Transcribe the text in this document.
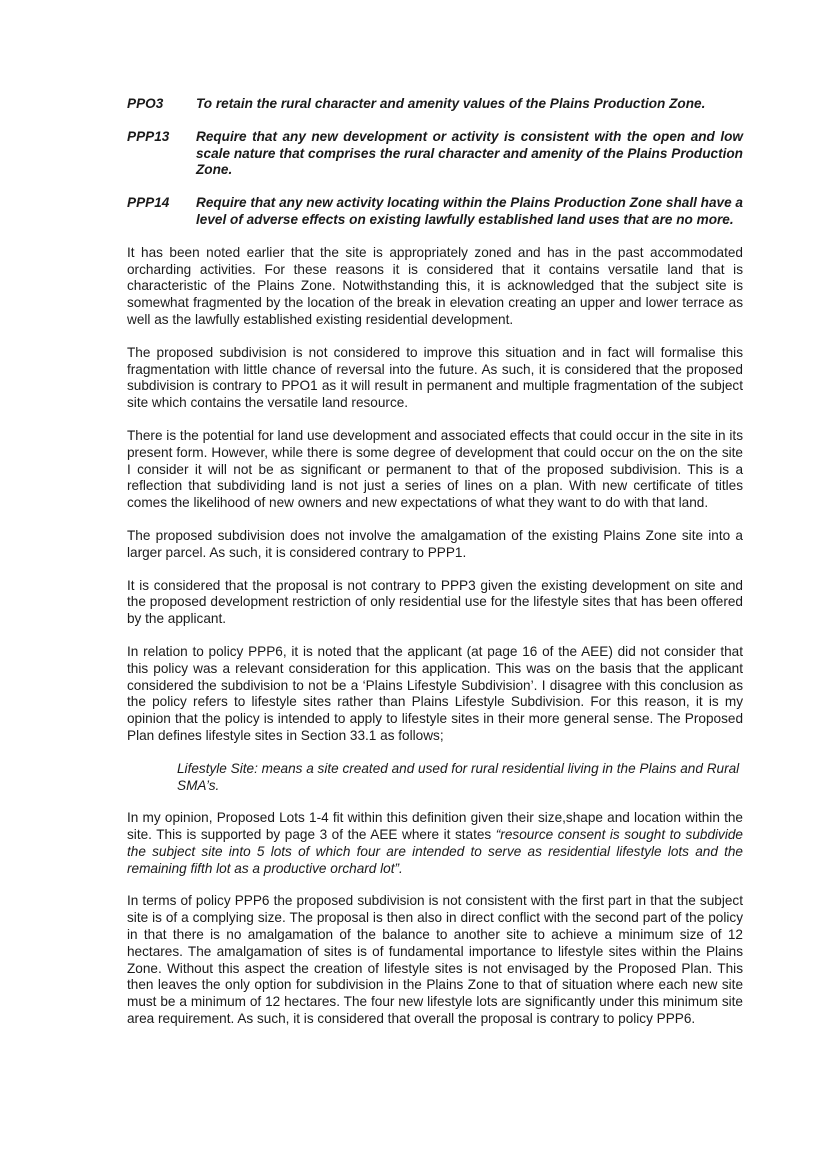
PPO3	To retain the rural character and amenity values of the Plains Production Zone.
PPP13	Require that any new development or activity is consistent with the open and low scale nature that comprises the rural character and amenity of the Plains Production Zone.
PPP14	Require that any new activity locating within the Plains Production Zone shall have a level of adverse effects on existing lawfully established land uses that are no more.

It has been noted earlier that the site is appropriately zoned and has in the past accommodated orcharding activities. For these reasons it is considered that it contains versatile land that is characteristic of the Plains Zone. Notwithstanding this, it is acknowledged that the subject site is somewhat fragmented by the location of the break in elevation creating an upper and lower terrace as well as the lawfully established existing residential development.

The proposed subdivision is not considered to improve this situation and in fact will formalise this fragmentation with little chance of reversal into the future. As such, it is considered that the proposed subdivision is contrary to PPO1 as it will result in permanent and multiple fragmentation of the subject site which contains the versatile land resource.

There is the potential for land use development and associated effects that could occur in the site in its present form. However, while there is some degree of development that could occur on the on the site I consider it will not be as significant or permanent to that of the proposed subdivision. This is a reflection that subdividing land is not just a series of lines on a plan. With new certificate of titles comes the likelihood of new owners and new expectations of what they want to do with that land.

The proposed subdivision does not involve the amalgamation of the existing Plains Zone site into a larger parcel. As such, it is considered contrary to PPP1.

It is considered that the proposal is not contrary to PPP3 given the existing development on site and the proposed development restriction of only residential use for the lifestyle sites that has been offered by the applicant.

In relation to policy PPP6, it is noted that the applicant (at page 16 of the AEE) did not consider that this policy was a relevant consideration for this application. This was on the basis that the applicant considered the subdivision to not be a ‘Plains Lifestyle Subdivision’. I disagree with this conclusion as the policy refers to lifestyle sites rather than Plains Lifestyle Subdivision. For this reason, it is my opinion that the policy is intended to apply to lifestyle sites in their more general sense. The Proposed Plan defines lifestyle sites in Section 33.1 as follows;

Lifestyle Site: means a site created and used for rural residential living in the Plains and Rural SMA’s.

In my opinion, Proposed Lots 1-4 fit within this definition given their size,shape and location within the site. This is supported by page 3 of the AEE where it states “resource consent is sought to subdivide the subject site into 5 lots of which four are intended to serve as residential lifestyle lots and the remaining fifth lot as a productive orchard lot”.

In terms of policy PPP6 the proposed subdivision is not consistent with the first part in that the subject site is of a complying size. The proposal is then also in direct conflict with the second part of the policy in that there is no amalgamation of the balance to another site to achieve a minimum size of 12 hectares. The amalgamation of sites is of fundamental importance to lifestyle sites within the Plains Zone. Without this aspect the creation of lifestyle sites is not envisaged by the Proposed Plan. This then leaves the only option for subdivision in the Plains Zone to that of situation where each new site must be a minimum of 12 hectares. The four new lifestyle lots are significantly under this minimum site area requirement. As such, it is considered that overall the proposal is contrary to policy PPP6.
